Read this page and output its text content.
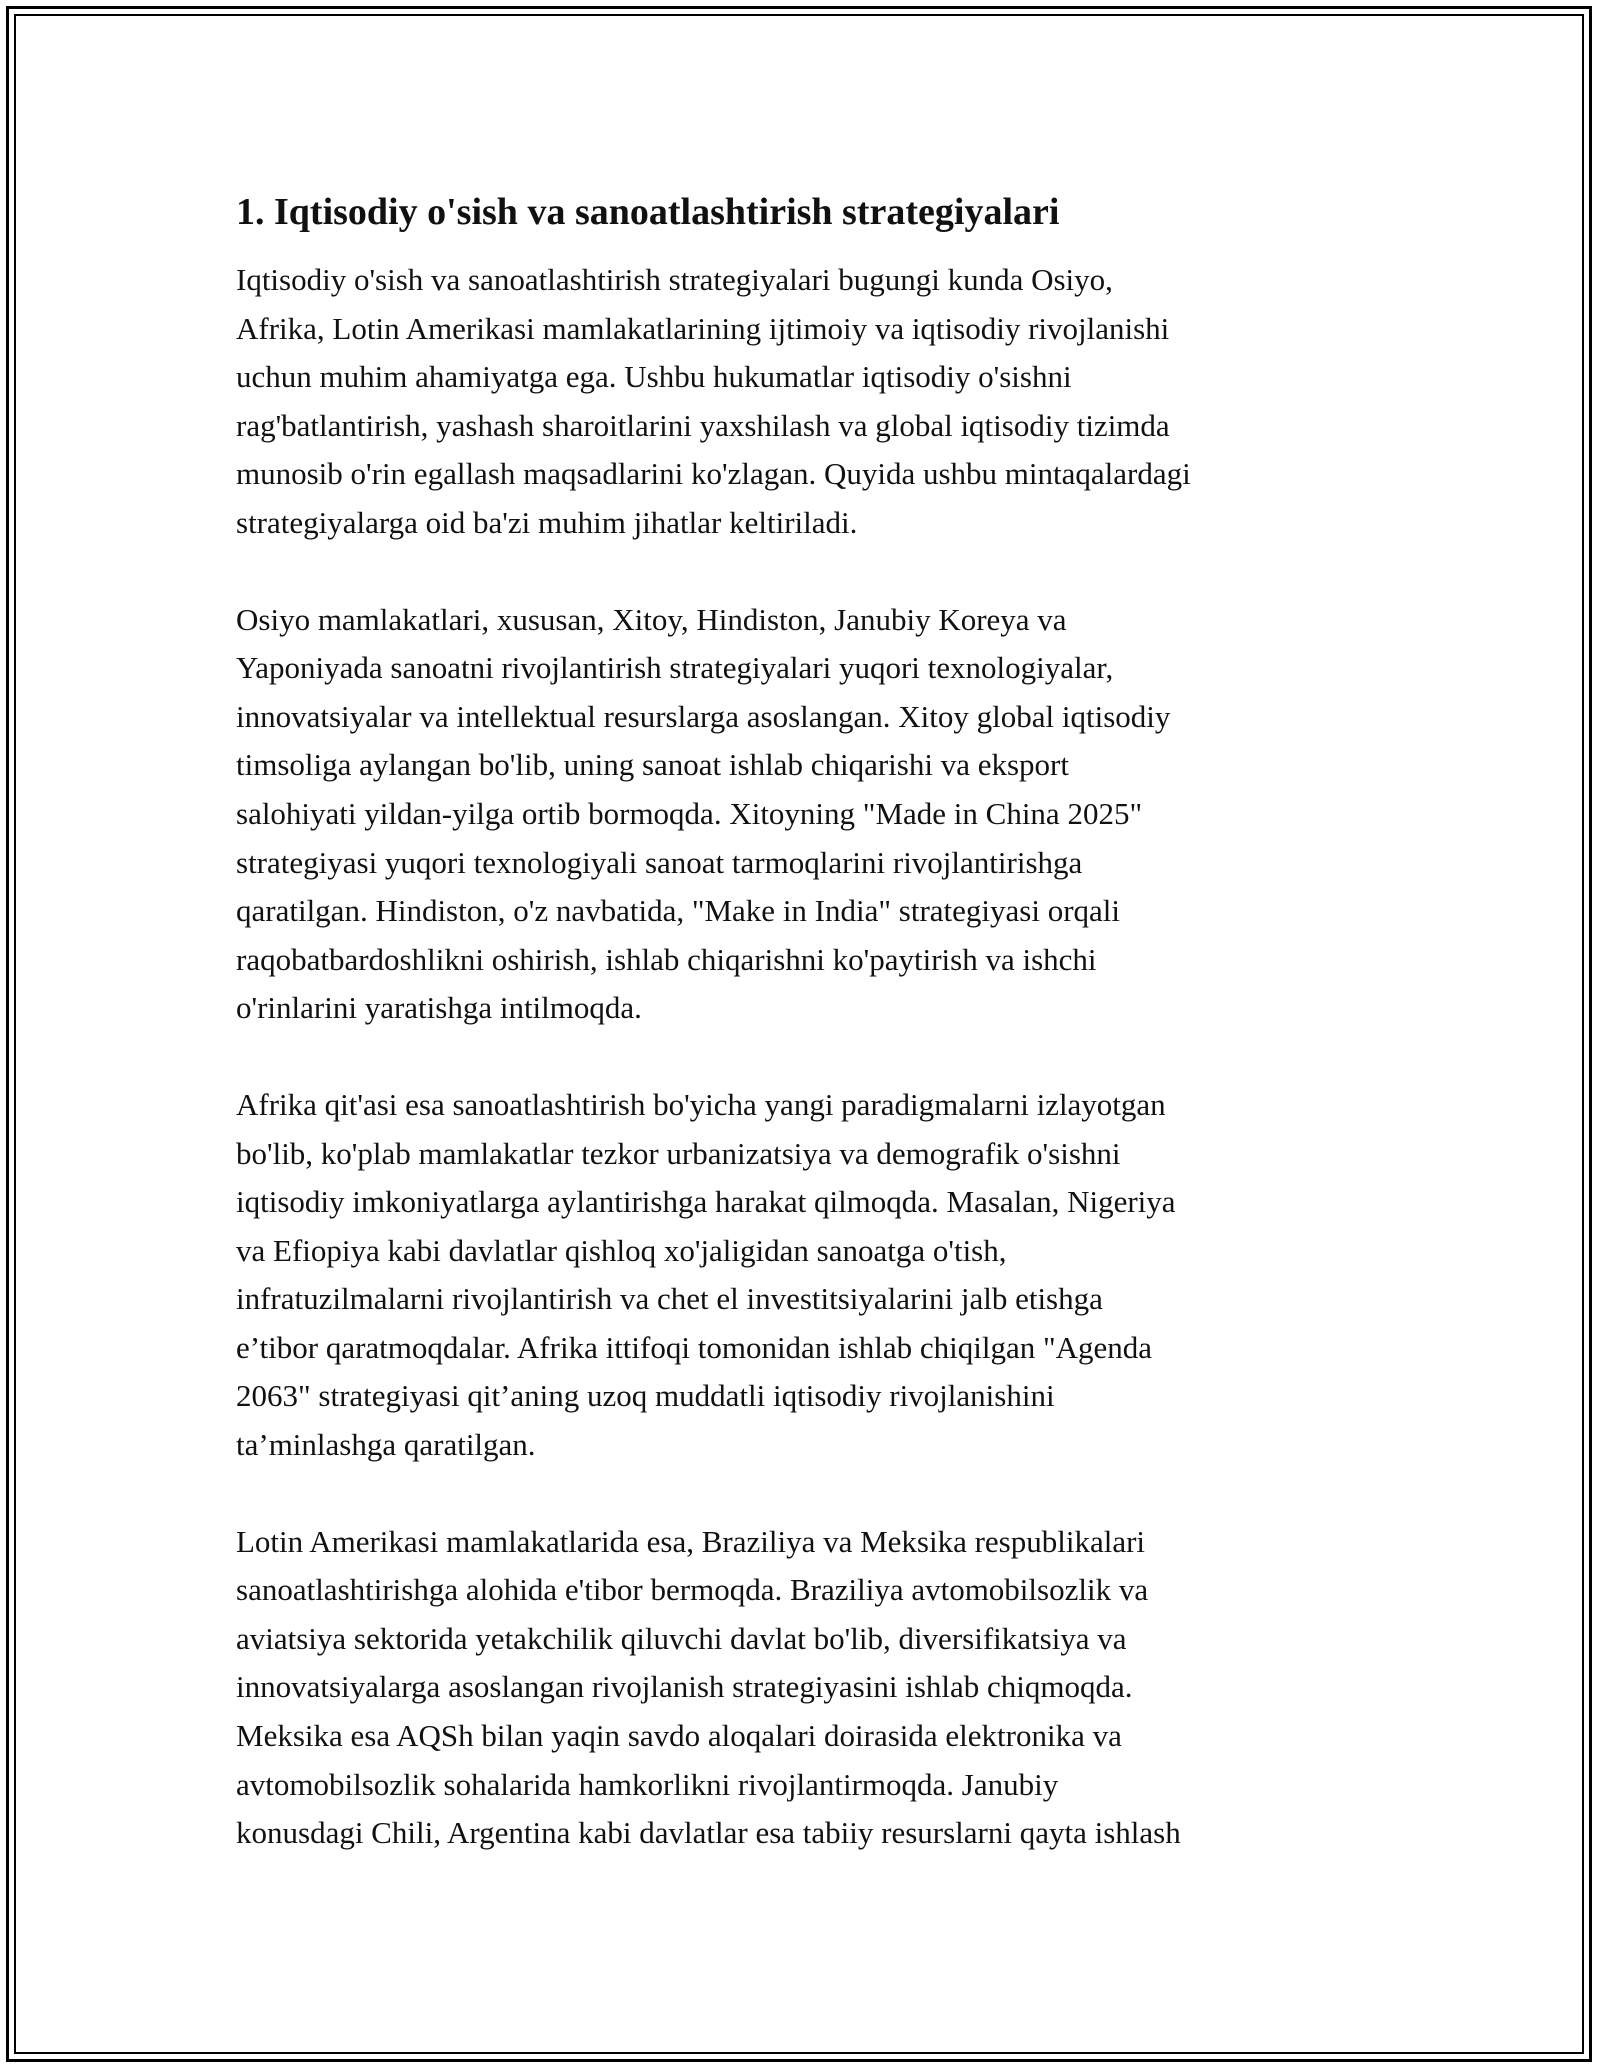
1. Iqtisodiy o'sish va sanoatlashtirish strategiyalari
Iqtisodiy o'sish va sanoatlashtirish strategiyalari bugungi kunda Osiyo,
Afrika, Lotin Amerikasi mamlakatlarining ijtimoiy va iqtisodiy rivojlanishi
uchun muhim ahamiyatga ega. Ushbu hukumatlar iqtisodiy o'sishni
rag'batlantirish, yashash sharoitlarini yaxshilash va global iqtisodiy tizimda
munosib o'rin egallash maqsadlarini ko'zlagan. Quyida ushbu mintaqalardagi
strategiyalarga oid ba'zi muhim jihatlar keltiriladi.
Osiyo mamlakatlari, xususan, Xitoy, Hindiston, Janubiy Koreya va
Yaponiyada sanoatni rivojlantirish strategiyalari yuqori texnologiyalar,
innovatsiyalar va intellektual resurslarga asoslangan. Xitoy global iqtisodiy
timsoliga aylangan bo'lib, uning sanoat ishlab chiqarishi va eksport
salohiyati yildan-yilga ortib bormoqda. Xitoyning "Made in China 2025"
strategiyasi yuqori texnologiyali sanoat tarmoqlarini rivojlantirishga
qaratilgan. Hindiston, o'z navbatida, "Make in India" strategiyasi orqali
raqobatbardoshlikni oshirish, ishlab chiqarishni ko'paytirish va ishchi
o'rinlarini yaratishga intilmoqda.
Afrika qit'asi esa sanoatlashtirish bo'yicha yangi paradigmalarni izlayotgan
bo'lib, ko'plab mamlakatlar tezkor urbanizatsiya va demografik o'sishni
iqtisodiy imkoniyatlarga aylantirishga harakat qilmoqda. Masalan, Nigeriya
va Efiopiya kabi davlatlar qishloq xo'jaligidan sanoatga o'tish,
infratuzilmalarni rivojlantirish va chet el investitsiyalarini jalb etishga
e’tibor qaratmoqdalar. Afrika ittifoqi tomonidan ishlab chiqilgan "Agenda
2063" strategiyasi qit’aning uzoq muddatli iqtisodiy rivojlanishini
ta’minlashga qaratilgan.
Lotin Amerikasi mamlakatlarida esa, Braziliya va Meksika respublikalari
sanoatlashtirishga alohida e'tibor bermoqda. Braziliya avtomobilsozlik va
aviatsiya sektorida yetakchilik qiluvchi davlat bo'lib, diversifikatsiya va
innovatsiyalarga asoslangan rivojlanish strategiyasini ishlab chiqmoqda.
Meksika esa AQSh bilan yaqin savdo aloqalari doirasida elektronika va
avtomobilsozlik sohalarida hamkorlikni rivojlantirmoqda. Janubiy
konusdagi Chili, Argentina kabi davlatlar esa tabiiy resurslarni qayta ishlash
